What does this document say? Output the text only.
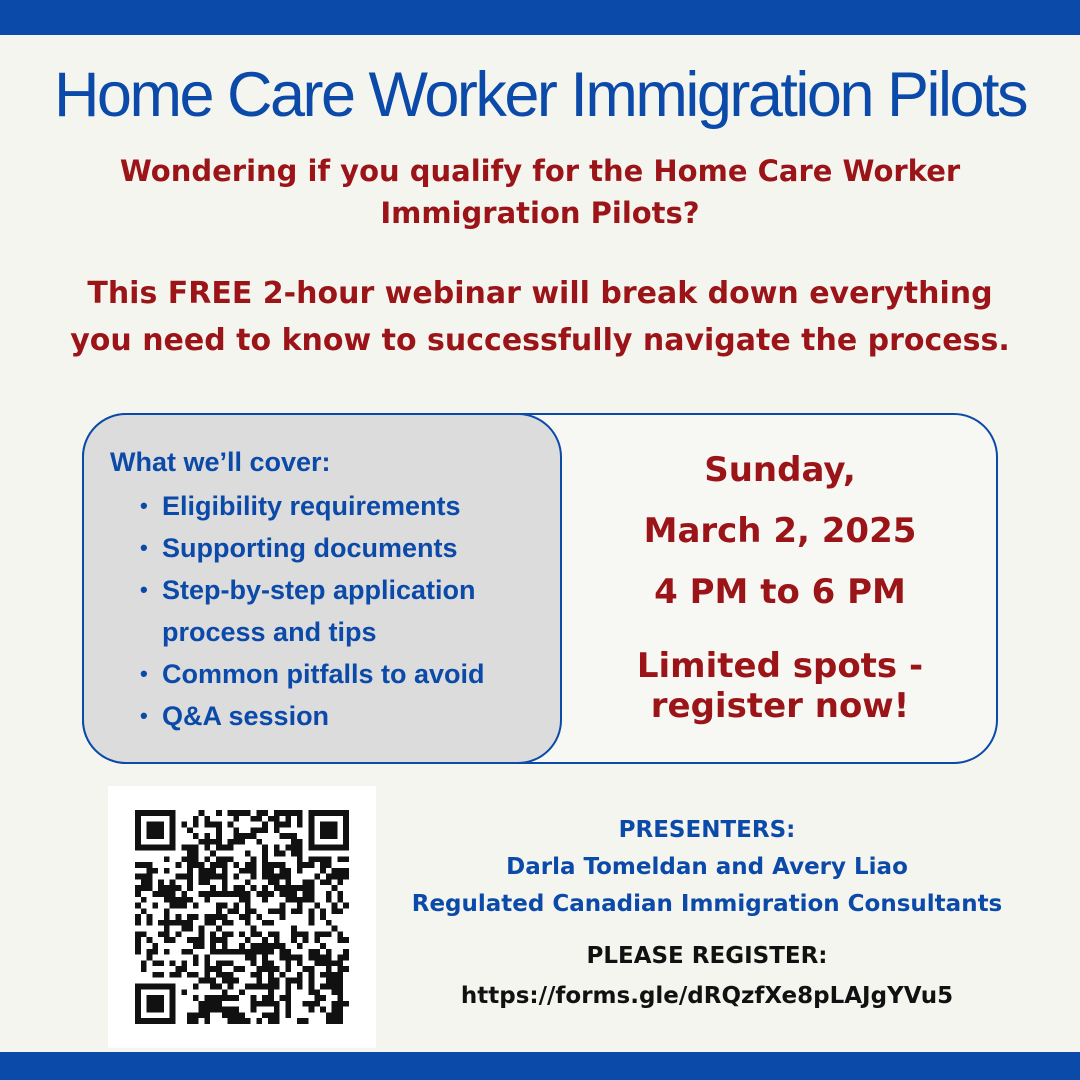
Home Care Worker Immigration Pilots
Wondering if you qualify for the Home Care Worker
Immigration Pilots?
This FREE 2-hour webinar will break down everything
you need to know to successfully navigate the process.
What we’ll cover:
• Eligibility requirements
• Supporting documents
• Step-by-step application process and tips
• Common pitfalls to avoid
• Q&A session
Sunday,
March 2, 2025
4 PM to 6 PM
Limited spots -
register now!
PRESENTERS:
Darla Tomeldan and Avery Liao
Regulated Canadian Immigration Consultants
PLEASE REGISTER:
https://forms.gle/dRQzfXe8pLAJgYVu5
